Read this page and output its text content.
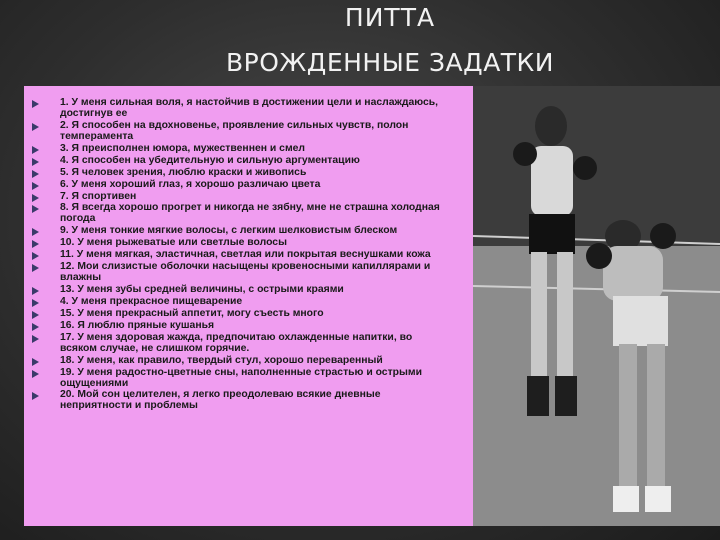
ПИТТА
ВРОЖДЕННЫЕ ЗАДАТКИ
1. У меня сильная воля, я настойчив в достижении цели и наслаждаюсь, достигнув ее
2. Я способен на вдохновенье, проявление сильных чувств, полон темперамента
3. Я преисполнен юмора, мужественнен и смел
4. Я способен на убедительную и сильную аргументацию
5. Я человек зрения, люблю краски и живопись
6. У меня хороший глаз, я хорошо различаю цвета
7. Я спортивен
8. Я всегда хорошо прогрет и никогда не зябну, мне не страшна холодная погода
9. У меня тонкие мягкие волосы, с легким шелковистым блеском
10. У меня рыжеватые или светлые волосы
11. У меня мягкая, эластичная, светлая или покрытая веснушками кожа
12. Мои слизистые оболочки насыщены кровеносными капиллярами и влажны
13. У меня зубы средней величины, с острыми краями
4. У меня прекрасное пищеварение
15. У меня прекрасный аппетит, могу съесть много
16. Я люблю пряные кушанья
17. У меня здоровая жажда, предпочитаю охлажденные напитки, во всяком случае, не слишком горячие.
18. У меня, как правило, твердый стул, хорошо переваренный
19. У меня радостно-цветные сны, наполненные страстью и острыми ощущениями
20. Мой сон целителен, я легко преодолеваю всякие дневные неприятности и проблемы
